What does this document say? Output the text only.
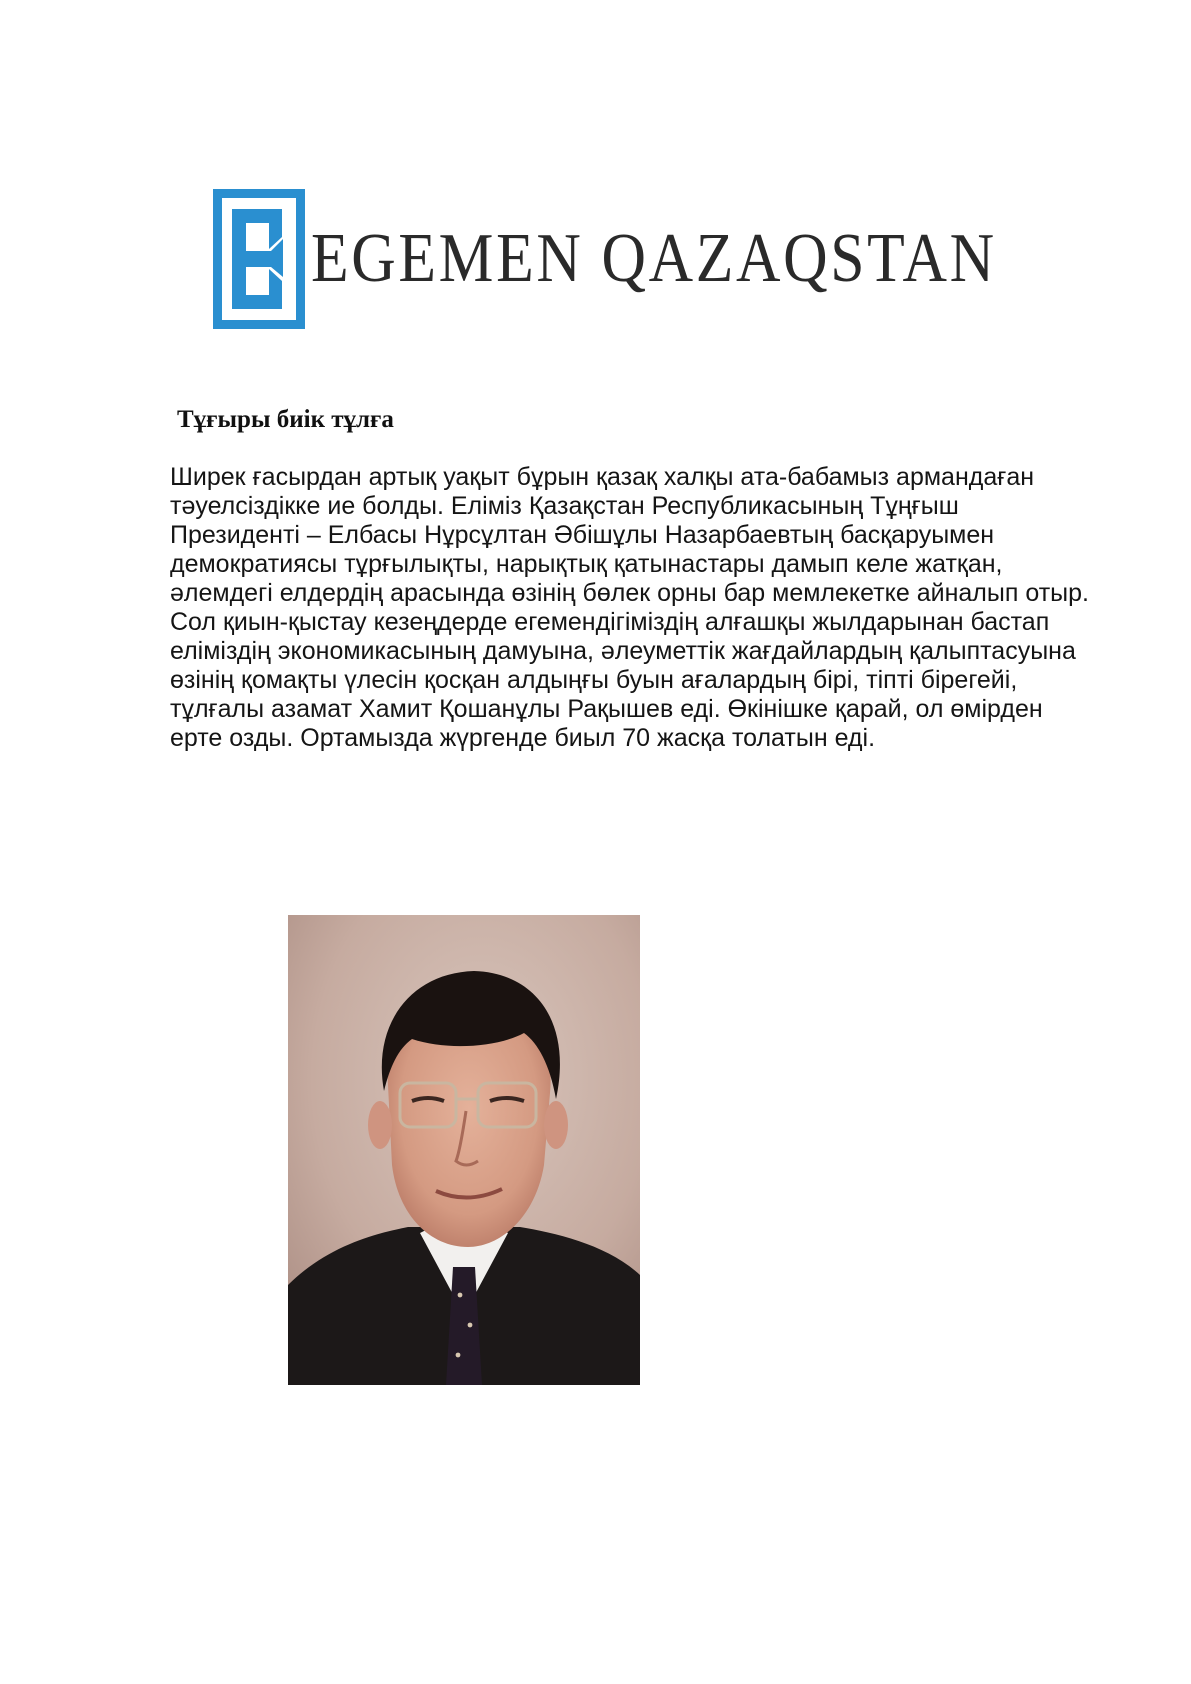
EGEMEN QAZAQSTAN
Тұғыры биік тұлға

Ширек ғасырдан артық уақыт бұрын қазақ халқы ата-бабамыз армандаған
тәуелсіздікке ие болды. Еліміз Қазақстан Республикасының Тұңғыш
Президенті – Елбасы Нұрсұлтан Әбішұлы Назарбаевтың басқаруымен
демократиясы тұрғылықты, нарықтық қатынастары дамып келе жатқан,
әлемдегі елдердің арасында өзінің бөлек орны бар мемлекетке айналып отыр.
Сол қиын-қыстау кезеңдерде егемендігіміздің алғашқы жылдарынан бастап
еліміздің экономикасының дамуына, әлеуметтік жағдайлардың қалыптасуына
өзінің қомақты үлесін қосқан алдыңғы буын ағалардың бірі, тіпті бірегейі,
тұлғалы азамат Хамит Қошанұлы Рақышев еді. Өкінішке қарай, ол өмірден
ерте озды. Ортамызда жүргенде биыл 70 жасқа толатын еді.
